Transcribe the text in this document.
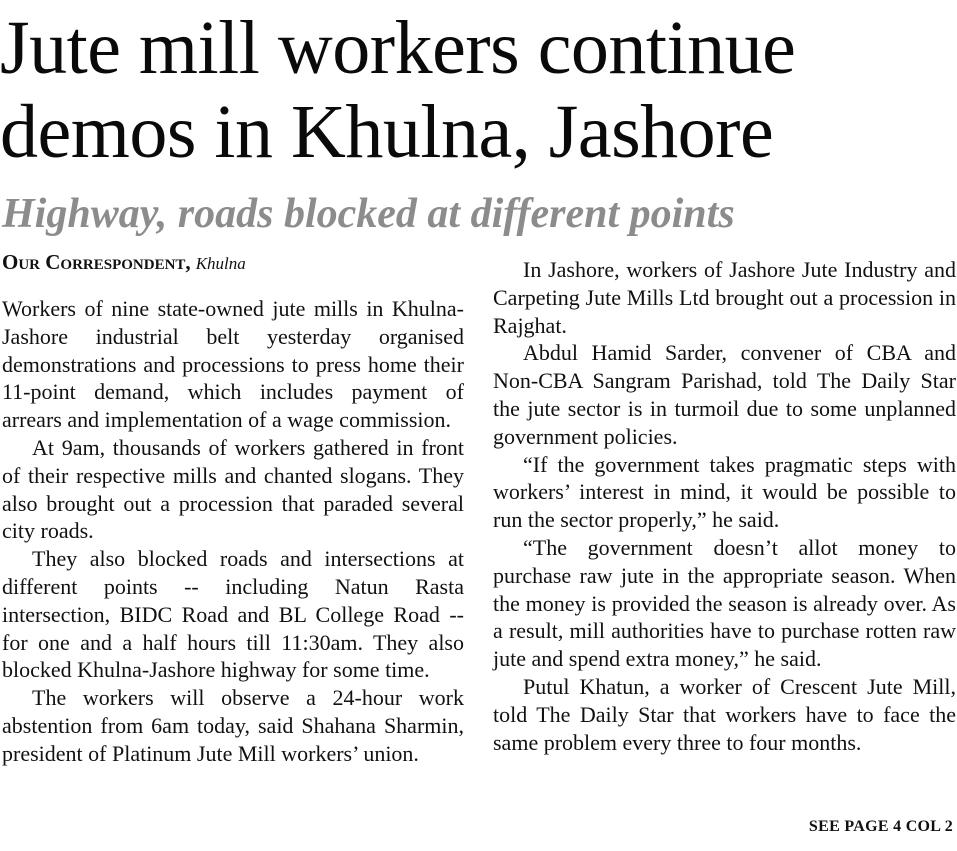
Jute mill workers continue
demos in Khulna, Jashore
Highway, roads blocked at different points
Our Correspondent, Khulna

Workers of nine state-owned jute mills in Khulna-Jashore industrial belt yesterday organised demonstrations and processions to press home their 11-point demand, which includes payment of arrears and implementation of a wage commission.

At 9am, thousands of workers gathered in front of their respective mills and chanted slogans. They also brought out a procession that paraded several city roads.

They also blocked roads and intersections at different points -- including Natun Rasta intersection, BIDC Road and BL College Road -- for one and a half hours till 11:30am. They also blocked Khulna-Jashore highway for some time.

The workers will observe a 24-hour work abstention from 6am today, said Shahana Sharmin, president of Platinum Jute Mill workers’ union.

In Jashore, workers of Jashore Jute Industry and Carpeting Jute Mills Ltd brought out a procession in Rajghat.

Abdul Hamid Sarder, convener of CBA and Non-CBA Sangram Parishad, told The Daily Star the jute sector is in turmoil due to some unplanned government policies.

“If the government takes pragmatic steps with workers’ interest in mind, it would be possible to run the sector properly,” he said.

“The government doesn’t allot money to purchase raw jute in the appropriate season. When the money is provided the season is already over. As a result, mill authorities have to purchase rotten raw jute and spend extra money,” he said.

Putul Khatun, a worker of Crescent Jute Mill, told The Daily Star that workers have to face the same problem every three to four months.

SEE PAGE 4 COL 2
